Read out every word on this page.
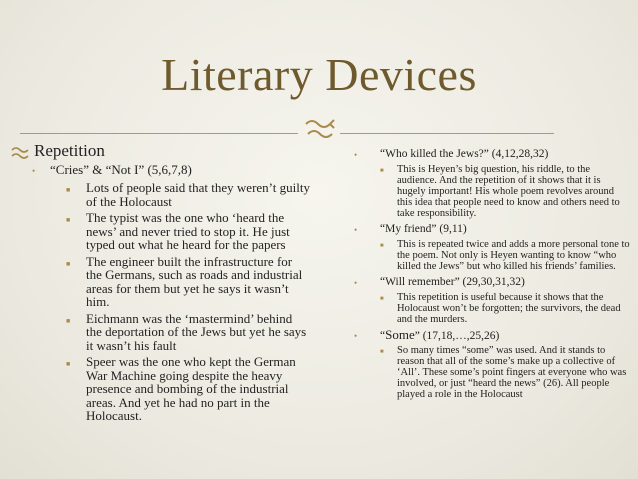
Literary Devices
Repetition
•	“Cries” & “Not I” (5,6,7,8)
■	Lots of people said that they weren’t guilty of the Holocaust
■	The typist was the one who ‘heard the news’ and never tried to stop it. He just typed out what he heard for the papers
■	The engineer built the infrastructure for the Germans, such as roads and industrial areas for them but yet he says it wasn’t him.
■	Eichmann was the ‘mastermind’ behind the deportation of the Jews but yet he says it wasn’t his fault
■	Speer was the one who kept the German War Machine going despite the heavy presence and bombing of the industrial areas. And yet he had no part in the Holocaust.
•	“Who killed the Jews?” (4,12,28,32)
■	This is Heyen’s big question, his riddle, to the audience. And the repetition of it shows that it is hugely important! His whole poem revolves around this idea that people need to know and others need to take responsibility.
•	“My friend” (9,11)
■	This is repeated twice and adds a more personal tone to the poem. Not only is Heyen wanting to know “who killed the Jews” but who killed his friends’ families.
•	“Will remember” (29,30,31,32)
■	This repetition is useful because it shows that the Holocaust won’t be forgotten; the survivors, the dead and the murders.
•	“Some” (17,18,…,25,26)
■	So many times “some” was used. And it stands to reason that all of the some’s make up a collective of ‘All’. These some’s point fingers at everyone who was involved, or just “heard the news” (26). All people played a role in the Holocaust
